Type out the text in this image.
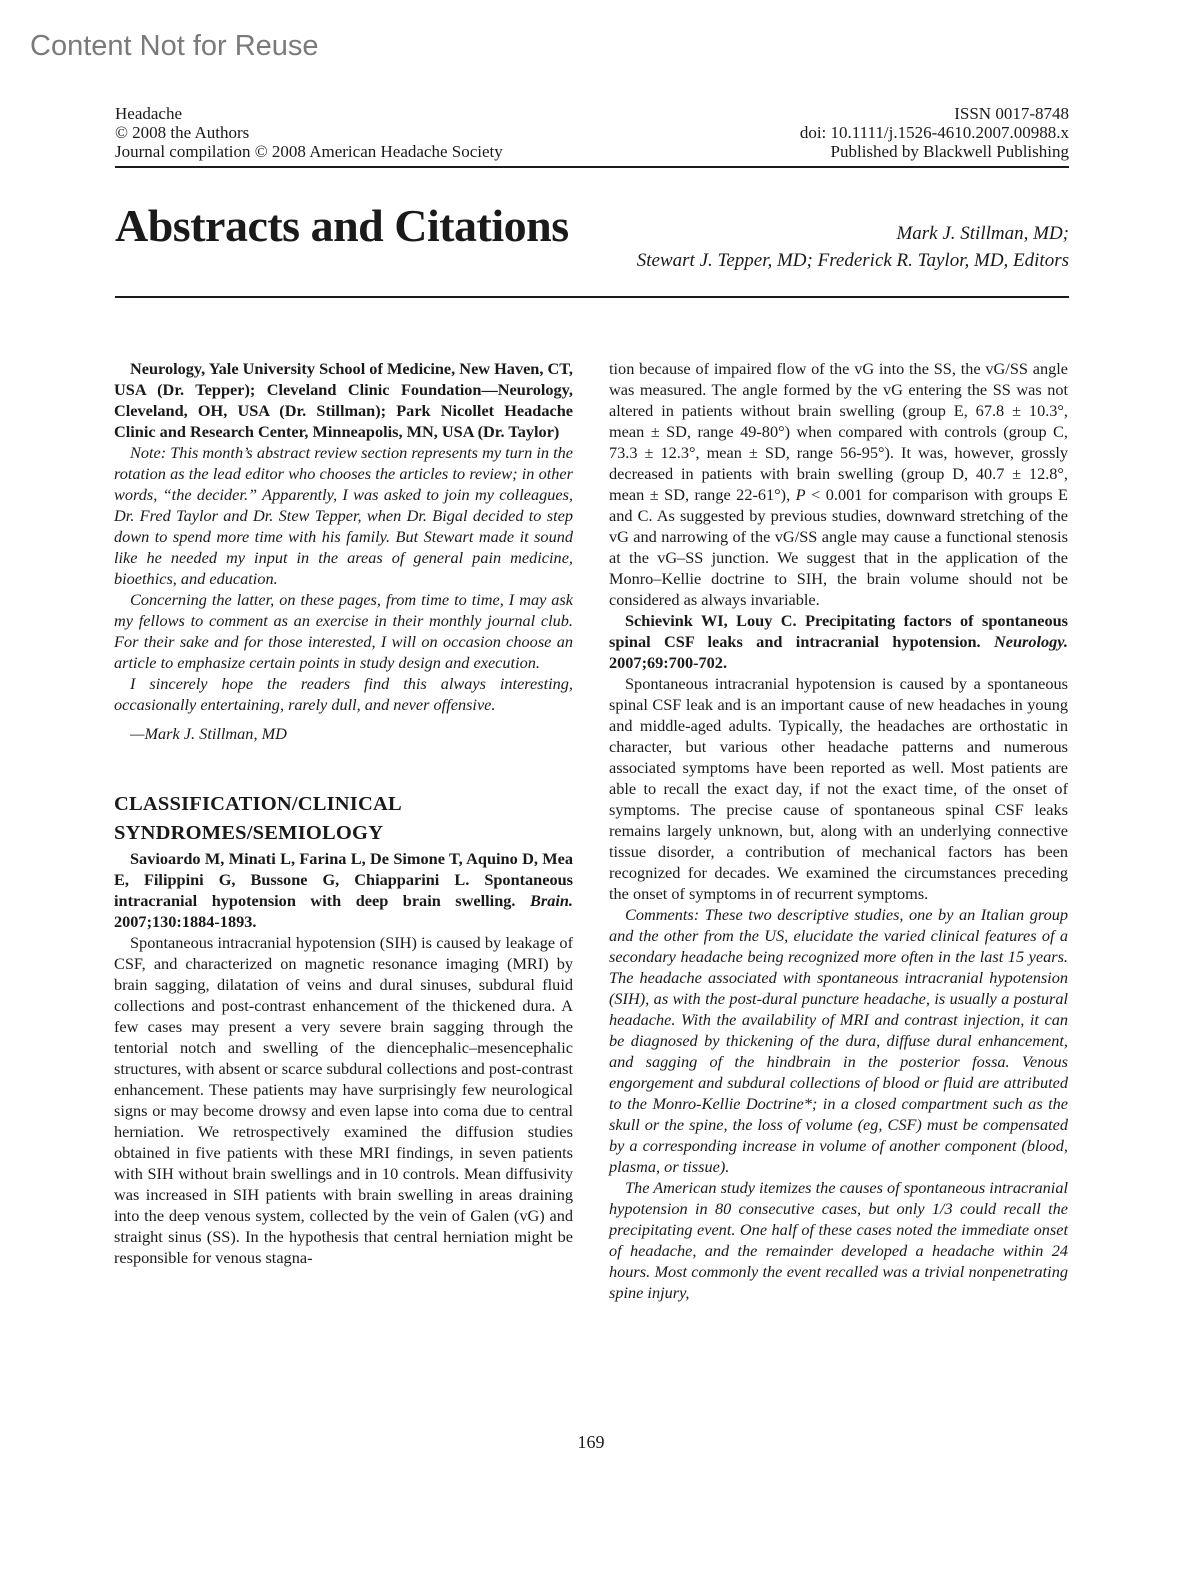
Content Not for Reuse
Headache
© 2008 the Authors
Journal compilation © 2008 American Headache Society
ISSN 0017-8748
doi: 10.1111/j.1526-4610.2007.00988.x
Published by Blackwell Publishing
Abstracts and Citations	Mark J. Stillman, MD;
Stewart J. Tepper, MD; Frederick R. Taylor, MD, Editors

Neurology, Yale University School of Medicine, New Haven, CT, USA (Dr. Tepper); Cleveland Clinic Foundation—Neurology, Cleveland, OH, USA (Dr. Stillman); Park Nicollet Headache Clinic and Research Center, Minneapolis, MN, USA (Dr. Taylor)

Note: This month’s abstract review section represents my turn in the rotation as the lead editor who chooses the articles to review; in other words, “the decider.” Apparently, I was asked to join my colleagues, Dr. Fred Taylor and Dr. Stew Tepper, when Dr. Bigal decided to step down to spend more time with his family. But Stewart made it sound like he needed my input in the areas of general pain medicine, bioethics, and education.

Concerning the latter, on these pages, from time to time, I may ask my fellows to comment as an exercise in their monthly journal club. For their sake and for those interested, I will on occasion choose an article to emphasize certain points in study design and execution.

I sincerely hope the readers find this always interesting, occasionally entertaining, rarely dull, and never offensive.

—Mark J. Stillman, MD
CLASSIFICATION/CLINICAL
SYNDROMES/SEMIOLOGY

Savioardo M, Minati L, Farina L, De Simone T, Aquino D, Mea E, Filippini G, Bussone G, Chiapparini L. Spontaneous intracranial hypotension with deep brain swelling. Brain. 2007;130:1884-1893.

Spontaneous intracranial hypotension (SIH) is caused by leakage of CSF, and characterized on magnetic resonance imaging (MRI) by brain sagging, dilatation of veins and dural sinuses, subdural fluid collections and post-contrast enhancement of the thickened dura. A few cases may present a very severe brain sagging through the tentorial notch and swelling of the diencephalic–mesencephalic structures, with absent or scarce subdural collections and post-contrast enhancement. These patients may have surprisingly few neurological signs or may become drowsy and even lapse into coma due to central herniation. We retrospectively examined the diffusion studies obtained in five patients with these MRI findings, in seven patients with SIH without brain swellings and in 10 controls. Mean diffusivity was increased in SIH patients with brain swelling in areas draining into the deep venous system, collected by the vein of Galen (vG) and straight sinus (SS). In the hypothesis that central herniation might be responsible for venous stagna-

tion because of impaired flow of the vG into the SS, the vG/SS angle was measured. The angle formed by the vG entering the SS was not altered in patients without brain swelling (group E, 67.8 ± 10.3°, mean ± SD, range 49-80°) when compared with controls (group C, 73.3 ± 12.3°, mean ± SD, range 56-95°). It was, however, grossly decreased in patients with brain swelling (group D, 40.7 ± 12.8°, mean ± SD, range 22-61°), P < 0.001 for comparison with groups E and C. As suggested by previous studies, downward stretching of the vG and narrowing of the vG/SS angle may cause a functional stenosis at the vG–SS junction. We suggest that in the application of the Monro–Kellie doctrine to SIH, the brain volume should not be considered as always invariable.

Schievink WI, Louy C. Precipitating factors of spontaneous spinal CSF leaks and intracranial hypotension. Neurology. 2007;69:700-702.

Spontaneous intracranial hypotension is caused by a spontaneous spinal CSF leak and is an important cause of new headaches in young and middle-aged adults. Typically, the headaches are orthostatic in character, but various other headache patterns and numerous associated symptoms have been reported as well. Most patients are able to recall the exact day, if not the exact time, of the onset of symptoms. The precise cause of spontaneous spinal CSF leaks remains largely unknown, but, along with an underlying connective tissue disorder, a contribution of mechanical factors has been recognized for decades. We examined the circumstances preceding the onset of symptoms in of recurrent symptoms.

Comments: These two descriptive studies, one by an Italian group and the other from the US, elucidate the varied clinical features of a secondary headache being recognized more often in the last 15 years. The headache associated with spontaneous intracranial hypotension (SIH), as with the post-dural puncture headache, is usually a postural headache. With the availability of MRI and contrast injection, it can be diagnosed by thickening of the dura, diffuse dural enhancement, and sagging of the hindbrain in the posterior fossa. Venous engorgement and subdural collections of blood or fluid are attributed to the Monro-Kellie Doctrine*; in a closed compartment such as the skull or the spine, the loss of volume (eg, CSF) must be compensated by a corresponding increase in volume of another component (blood, plasma, or tissue).

The American study itemizes the causes of spontaneous intracranial hypotension in 80 consecutive cases, but only 1/3 could recall the precipitating event. One half of these cases noted the immediate onset of headache, and the remainder developed a headache within 24 hours. Most commonly the event recalled was a trivial nonpenetrating spine injury,

169
